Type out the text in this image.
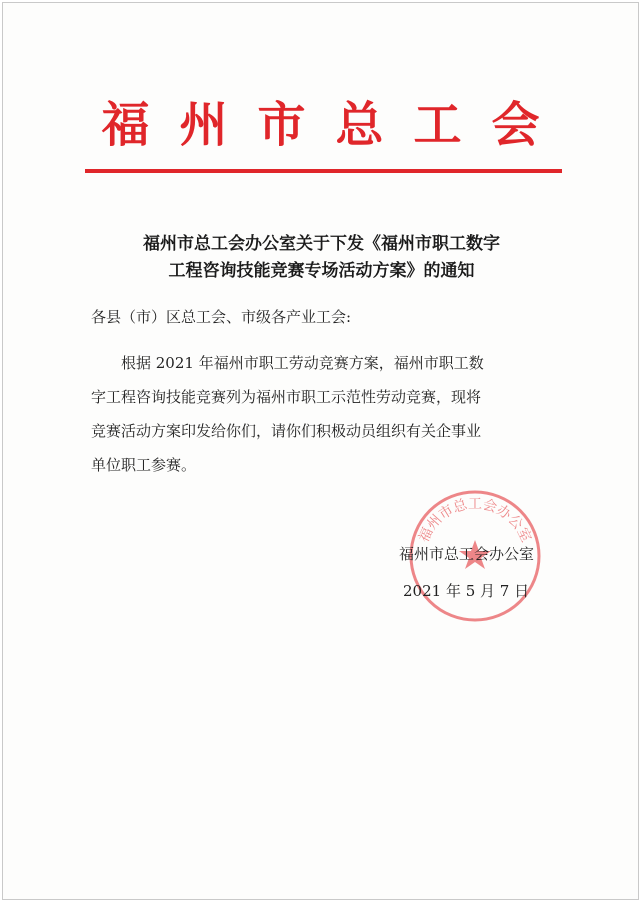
福州市总工会
福州市总工会办公室关于下发《福州市职工数字
工程咨询技能竞赛专场活动方案》的通知
各县（市）区总工会、市级各产业工会:
根据 2021 年福州市职工劳动竞赛方案，福州市职工数
字工程咨询技能竞赛列为福州市职工示范性劳动竞赛，现将
竞赛活动方案印发给你们，请你们积极动员组织有关企事业
单位职工参赛。
福州市总工会办公室
福州市总工会办公室
2021 年 5 月 7 日
